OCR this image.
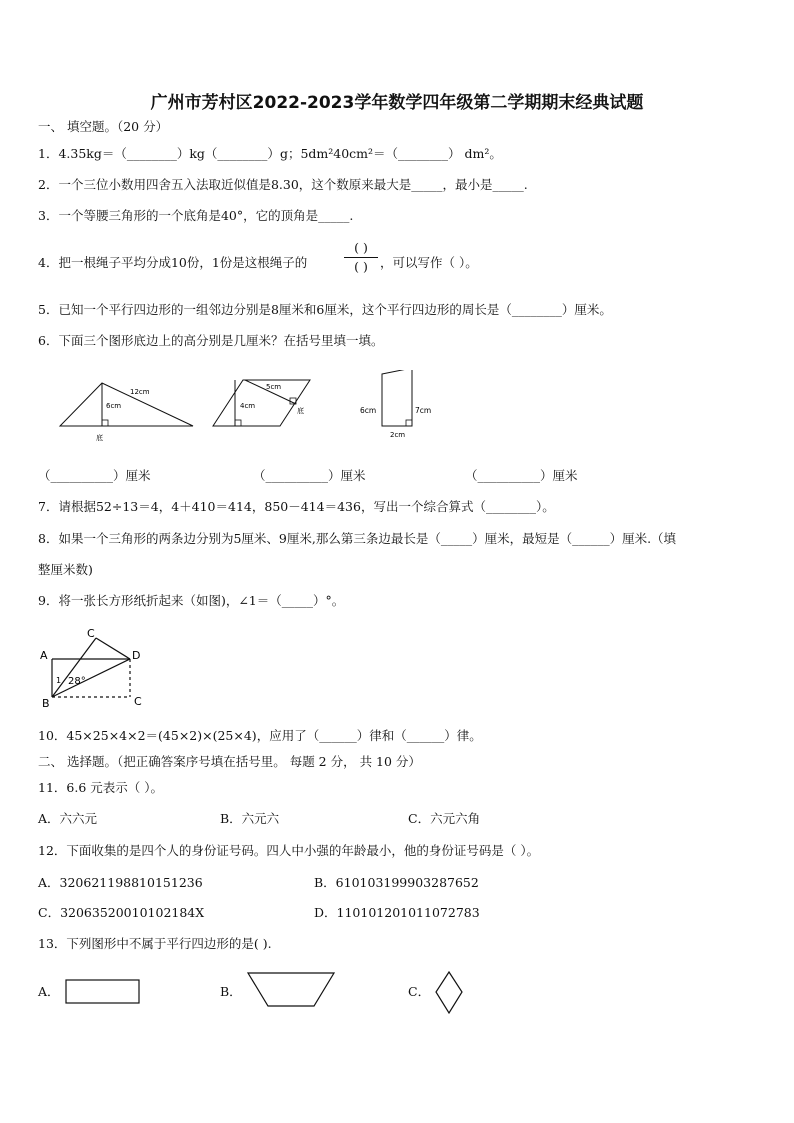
广州市芳村区2022-2023学年数学四年级第二学期期末经典试题
一、 填空题。（20 分）
1．4.35kg＝（________）kg（________）g；5dm²40cm²＝（________） dm²。
2．一个三位小数用四舍五入法取近似值是8.30，这个数原来最大是_____，最小是_____.
3．一个等腰三角形的一个底角是40°，它的顶角是_____.
4．把一根绳子平均分成10份，1份是这根绳子的
( )
( ) ，可以写作（ ）。
5．已知一个平行四边形的一组邻边分别是8厘米和6厘米，这个平行四边形的周长是（________）厘米。
6．下面三个图形底边上的高分别是几厘米？在括号里填一填。
12cm
6cm
底
5cm
4cm
底	6cm	7cm
2cm
（__________）厘米	（__________）厘米	（__________）厘米
7．请根据52÷13＝4，4＋410＝414，850－414＝436，写出一个综合算式（________）。
8．如果一个三角形的两条边分别为5厘米、9厘米,那么第三条边最长是（_____）厘米，最短是（______）厘米.（填
整厘米数)
9．将一张长方形纸折起来（如图)，∠1＝（_____）°。
A
B
C
D
C
1 28°
10．45×25×4×2＝(45×2)×(25×4)，应用了（______）律和（______）律。
二、 选择题。（把正确答案序号填在括号里。 每题 2 分， 共 10 分）
11．6.6 元表示（ ）。
A．六六元	B．六元六	C．六元六角
12．下面收集的是四个人的身份证号码。四人中小强的年龄最小，他的身份证号码是（ ）。
A．320621198810151236	B．610103199903287652
C．32063520010102184X	D．110101201011072783
13．下列图形中不属于平行四边形的是( ).
A．	B．	C．
